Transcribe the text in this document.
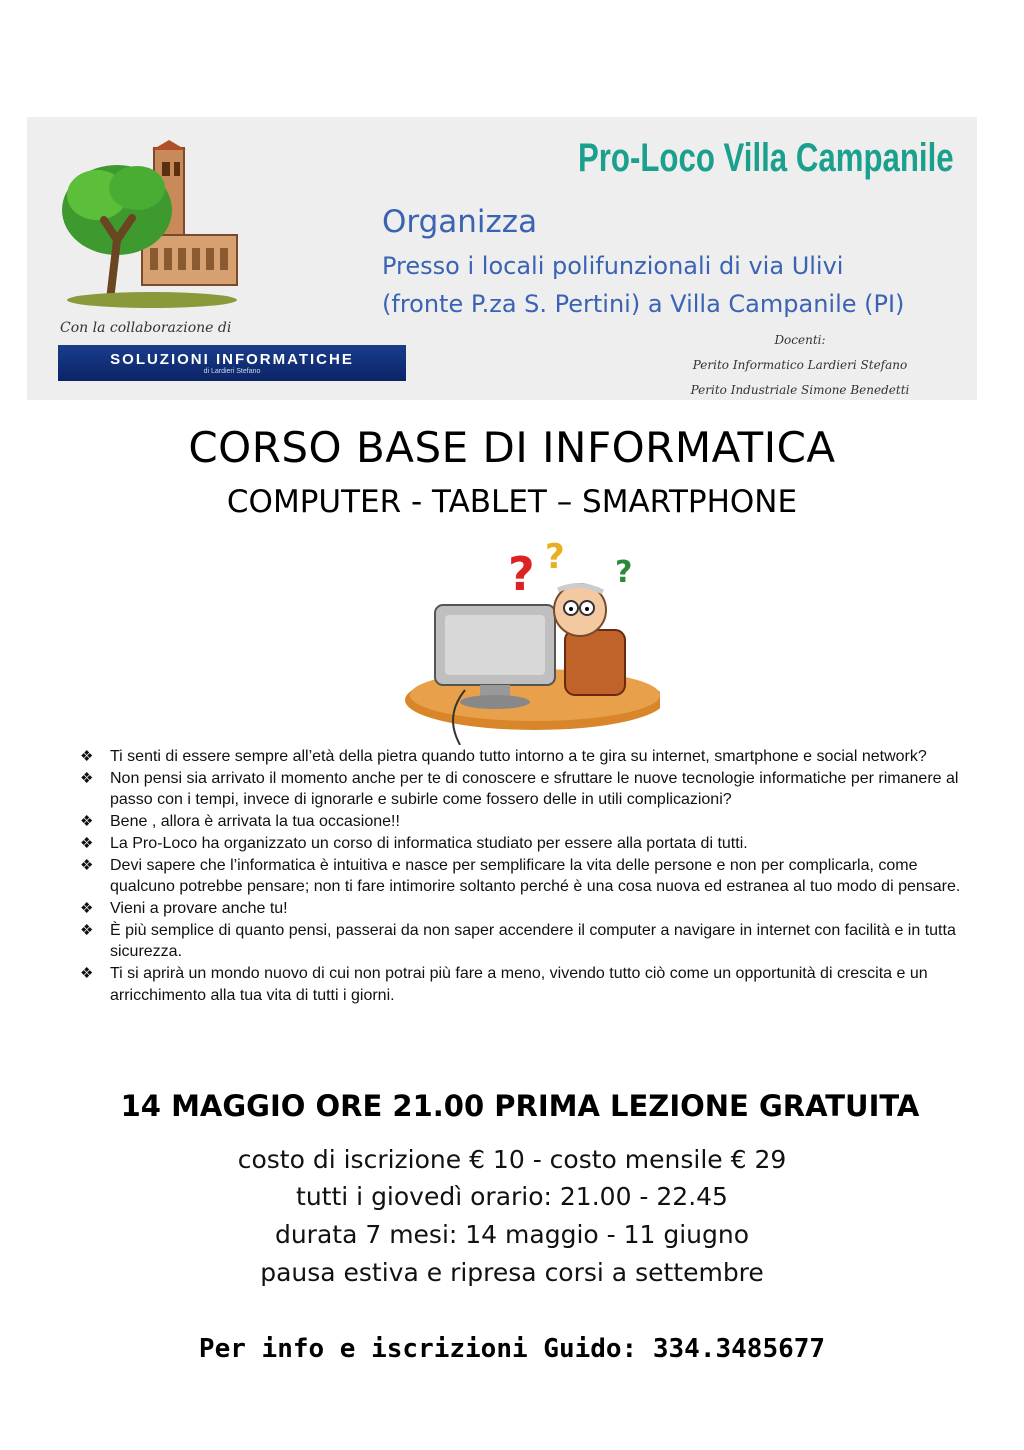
Con la collaborazione di
SOLUZIONI INFORMATICHE
di Lardieri Stefano
Pro-Loco Villa Campanile
Organizza
Presso i locali polifunzionali di via Ulivi
(fronte P.za S. Pertini) a Villa Campanile (PI)
Docenti:
Perito Informatico Lardieri Stefano
Perito Industriale Simone Benedetti
CORSO BASE DI INFORMATICA
COMPUTER - TABLET – SMARTPHONE
? ? ?
❖ Ti senti di essere sempre all’età della pietra quando tutto intorno a te gira su internet, smartphone e social network?
❖ Non pensi sia arrivato il momento anche per te di conoscere e sfruttare le nuove tecnologie informatiche per rimanere al passo con i tempi, invece di ignorarle e subirle come fossero delle in utili complicazioni?
❖ Bene , allora è arrivata la tua occasione!!
❖ La Pro-Loco ha organizzato un corso di informatica studiato per essere alla portata di tutti.
❖ Devi sapere che l’informatica è intuitiva e nasce per semplificare la vita delle persone e non per complicarla, come qualcuno potrebbe pensare; non ti fare intimorire soltanto perché è una cosa nuova ed estranea al tuo modo di pensare.
❖ Vieni a provare anche tu!
❖ È più semplice di quanto pensi, passerai da non saper accendere il computer a navigare in internet con facilità e in tutta sicurezza.
❖ Ti si aprirà un mondo nuovo di cui non potrai più fare a meno, vivendo tutto ciò come un opportunità di crescita e un arricchimento alla tua vita di tutti i giorni.
14 MAGGIO ORE 21.00 PRIMA LEZIONE GRATUITA
costo di iscrizione € 10 - costo mensile € 29
tutti i giovedì orario: 21.00 - 22.45
durata 7 mesi: 14 maggio - 11 giugno
pausa estiva e ripresa corsi a settembre
Per info e iscrizioni Guido: 334.3485677
